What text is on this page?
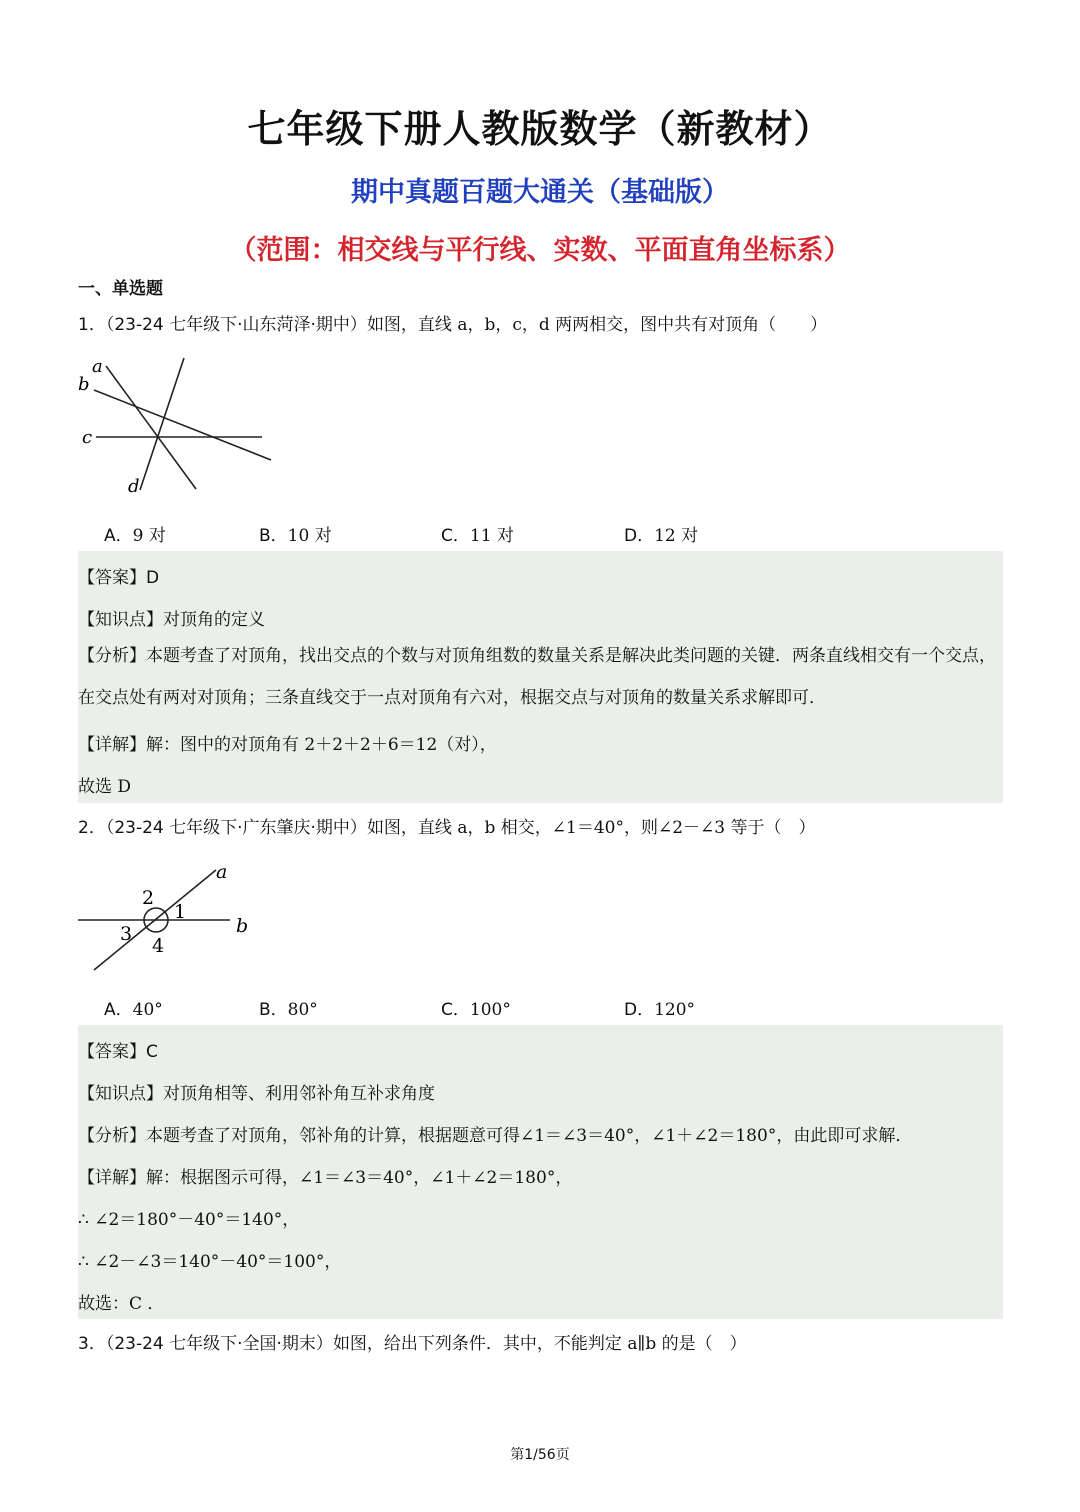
七年级下册人教版数学（新教材）
期中真题百题大通关（基础版）
（范围：相交线与平行线、实数、平面直角坐标系）
一、单选题
1．（23-24 七年级下·山东菏泽·期中）如图，直线 a，b，c，d 两两相交，图中共有对顶角（　　）
a
b
c
d
A．9 对	B．10 对	C．11 对	D．12 对
【答案】D
【知识点】对顶角的定义
【分析】本题考查了对顶角，找出交点的个数与对顶角组数的数量关系是解决此类问题的关键．两条直线相交有一个交点，在交点处有两对对顶角；三条直线交于一点对顶角有六对，根据交点与对顶角的数量关系求解即可．
【详解】解：图中的对顶角有 2＋2＋2＋6＝12（对），
故选 D
2．（23-24 七年级下·广东肇庆·期中）如图，直线 a，b 相交，∠1＝40°，则∠2－∠3 等于（　）
a
b
1
2
3
4
A．40°	B．80°	C．100°	D．120°
【答案】C
【知识点】对顶角相等、利用邻补角互补求角度
【分析】本题考查了对顶角，邻补角的计算，根据题意可得∠1＝∠3＝40°，∠1＋∠2＝180°，由此即可求解．
【详解】解：根据图示可得，∠1＝∠3＝40°，∠1＋∠2＝180°，
∴ ∠2＝180°－40°＝140°，
∴ ∠2－∠3＝140°－40°＝100°，
故选：C ．
3．（23-24 七年级下·全国·期末）如图，给出下列条件．其中，不能判定 a∥b 的是（　）
第1/56页
